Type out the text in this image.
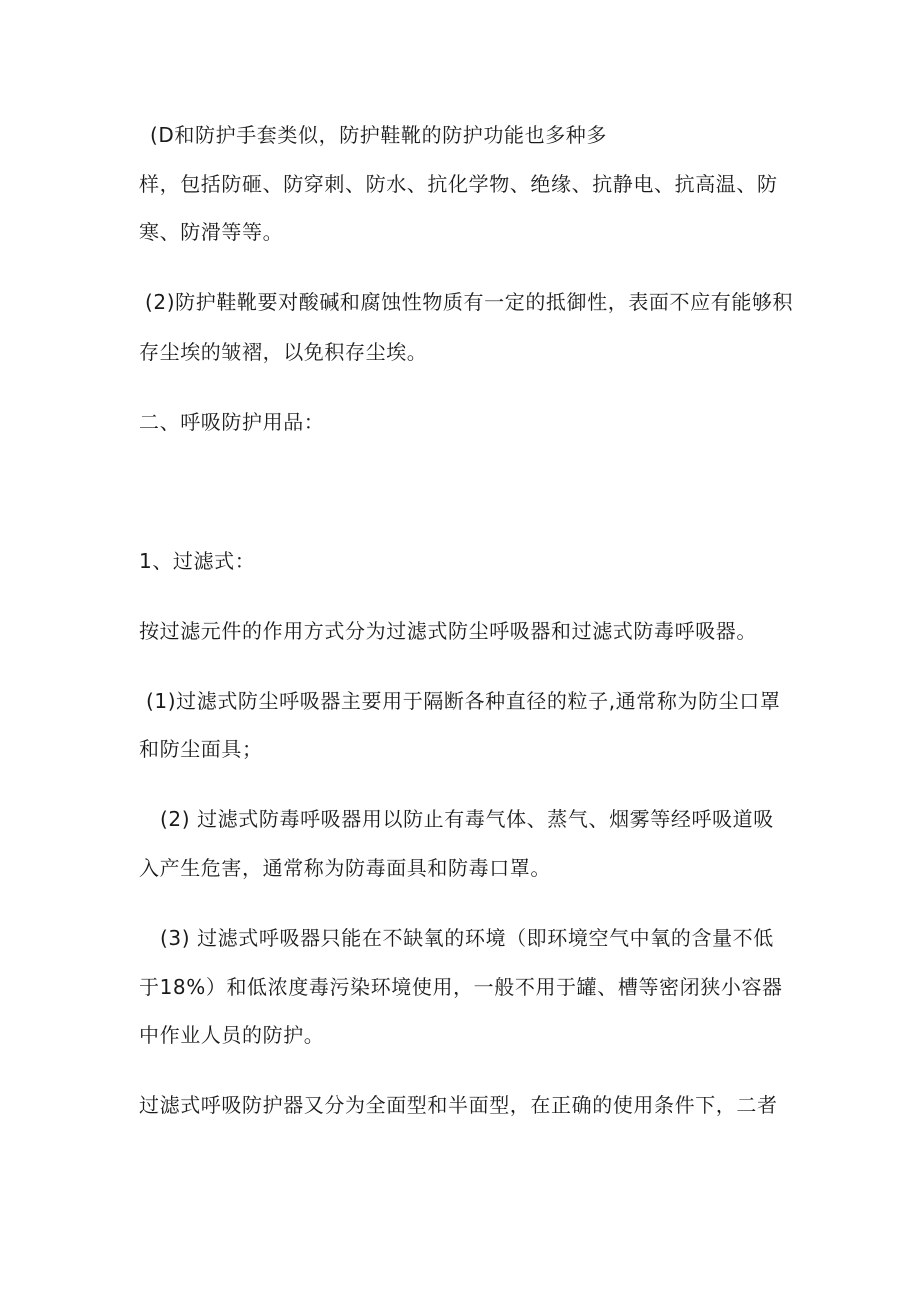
(D和防护手套类似，防护鞋靴的防护功能也多种多
样，包括防砸、防穿刺、防水、抗化学物、绝缘、抗静电、抗高温、防
寒、防滑等等。
(2)防护鞋靴要对酸碱和腐蚀性物质有一定的抵御性，表面不应有能够积
存尘埃的皱褶，以免积存尘埃。
二、呼吸防护用品：
1、过滤式：
按过滤元件的作用方式分为过滤式防尘呼吸器和过滤式防毒呼吸器。
(1)过滤式防尘呼吸器主要用于隔断各种直径的粒子,通常称为防尘口罩
和防尘面具；
(2) 过滤式防毒呼吸器用以防止有毒气体、蒸气、烟雾等经呼吸道吸
入产生危害，通常称为防毒面具和防毒口罩。
(3) 过滤式呼吸器只能在不缺氧的环境（即环境空气中氧的含量不低
于18%）和低浓度毒污染环境使用，一般不用于罐、槽等密闭狭小容器
中作业人员的防护。
过滤式呼吸防护器又分为全面型和半面型，在正确的使用条件下，二者
